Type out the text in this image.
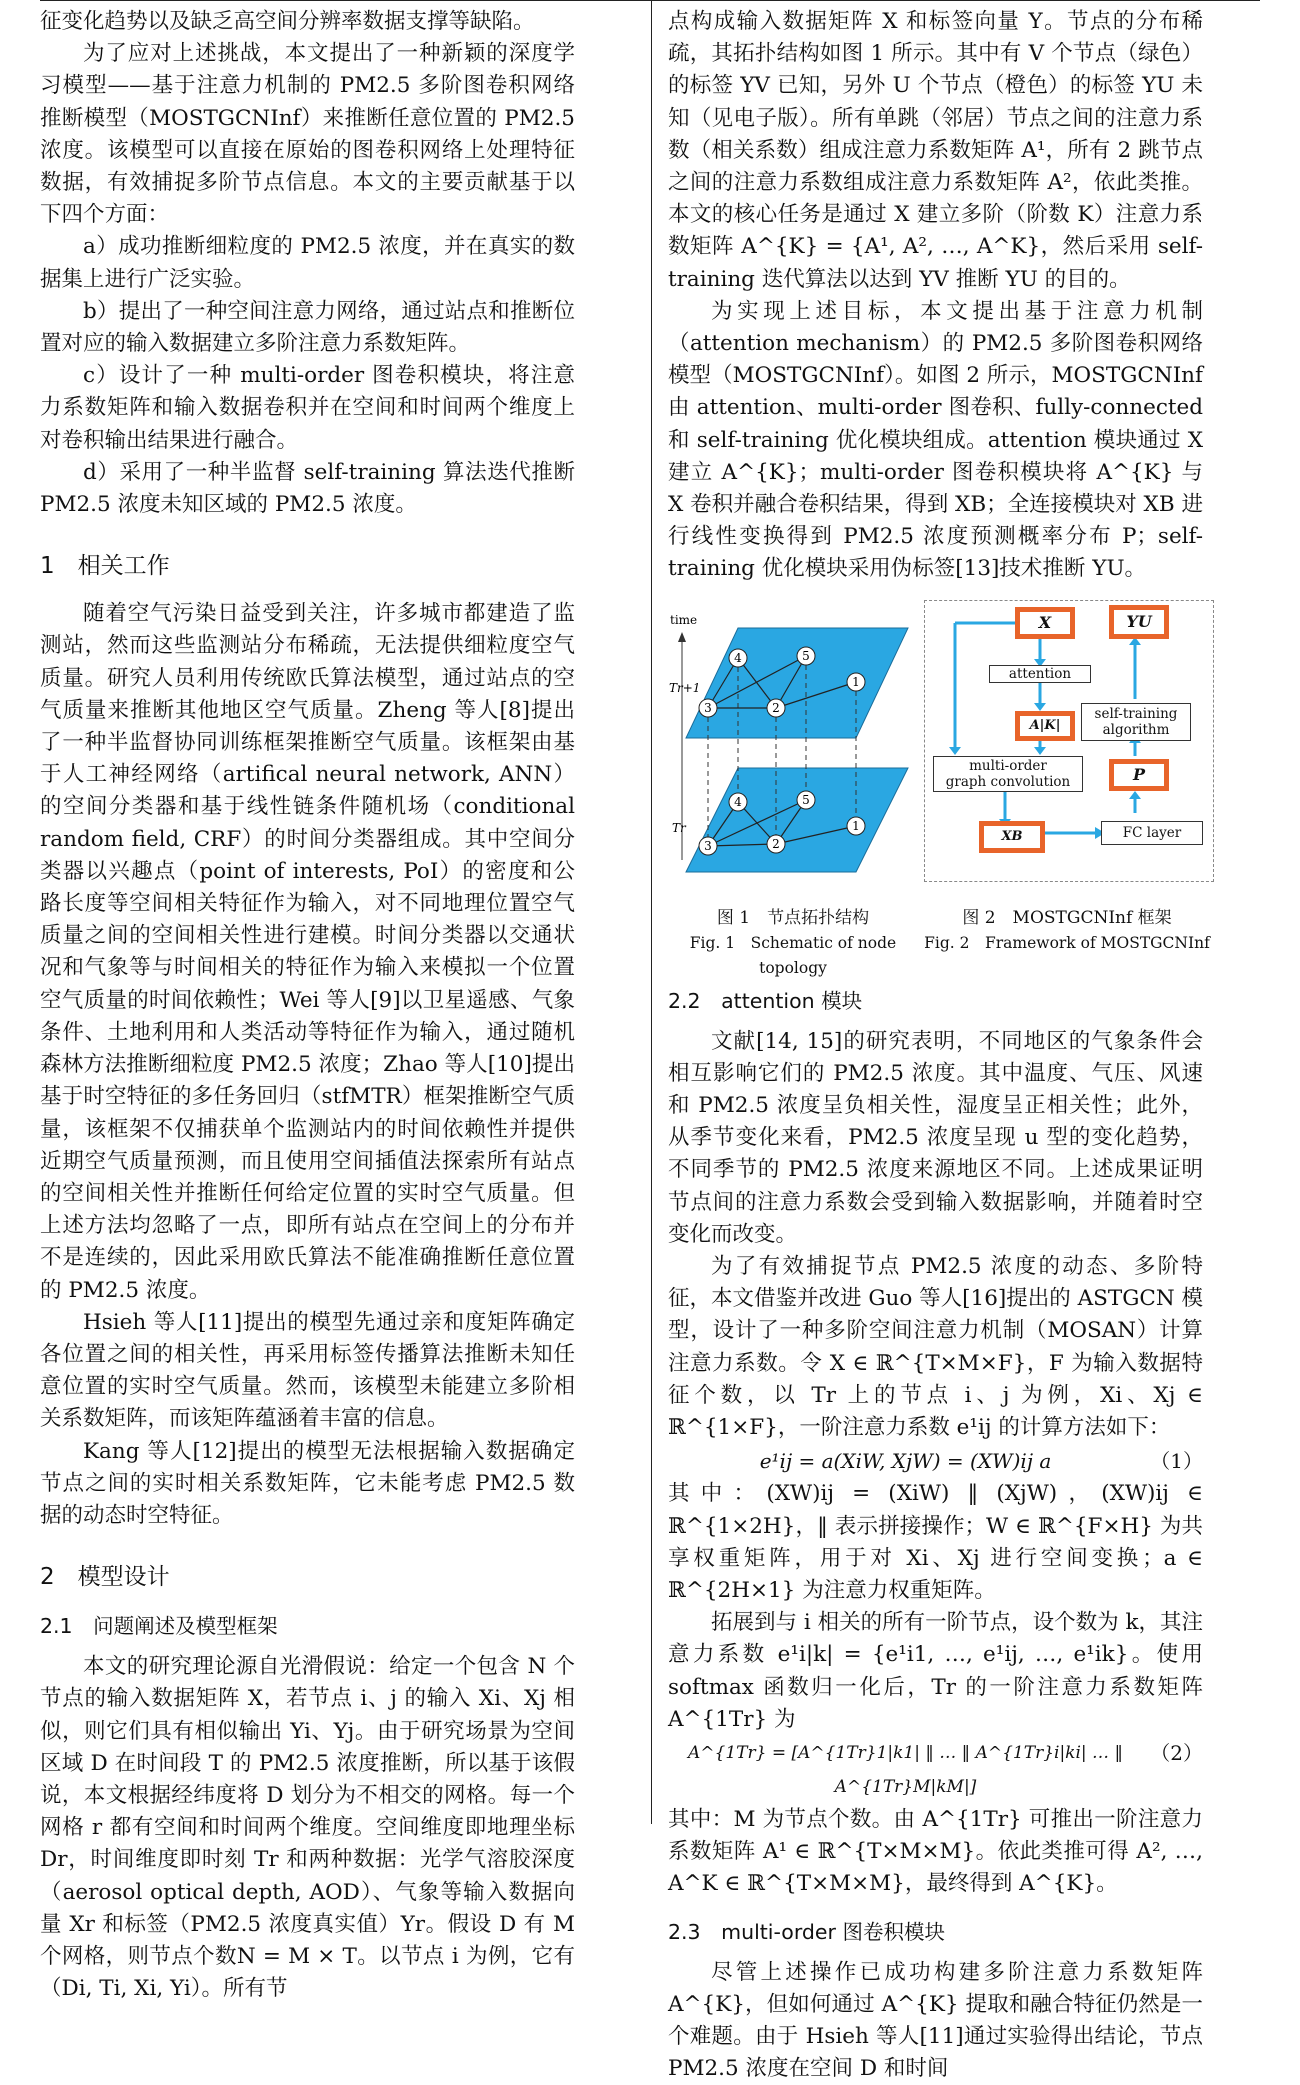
征变化趋势以及缺乏高空间分辨率数据支撑等缺陷。

为了应对上述挑战，本文提出了一种新颖的深度学习模型——基于注意力机制的 PM2.5 多阶图卷积网络推断模型（MOSTGCNInf）来推断任意位置的 PM2.5 浓度。该模型可以直接在原始的图卷积网络上处理特征数据，有效捕捉多阶节点信息。本文的主要贡献基于以下四个方面：

a）成功推断细粒度的 PM2.5 浓度，并在真实的数据集上进行广泛实验。

b）提出了一种空间注意力网络，通过站点和推断位置对应的输入数据建立多阶注意力系数矩阵。

c）设计了一种 multi-order 图卷积模块，将注意力系数矩阵和输入数据卷积并在空间和时间两个维度上对卷积输出结果进行融合。

d）采用了一种半监督 self-training 算法迭代推断 PM2.5 浓度未知区域的 PM2.5 浓度。

1　相关工作

随着空气污染日益受到关注，许多城市都建造了监测站，然而这些监测站分布稀疏，无法提供细粒度空气质量。研究人员利用传统欧氏算法模型，通过站点的空气质量来推断其他地区空气质量。Zheng 等人[8]提出了一种半监督协同训练框架推断空气质量。该框架由基于人工神经网络（artifical neural network, ANN）的空间分类器和基于线性链条件随机场（conditional random field, CRF）的时间分类器组成。其中空间分类器以兴趣点（point of interests, PoI）的密度和公路长度等空间相关特征作为输入，对不同地理位置空气质量之间的空间相关性进行建模。时间分类器以交通状况和气象等与时间相关的特征作为输入来模拟一个位置空气质量的时间依赖性；Wei 等人[9]以卫星遥感、气象条件、土地利用和人类活动等特征作为输入，通过随机森林方法推断细粒度 PM2.5 浓度；Zhao 等人[10]提出基于时空特征的多任务回归（stfMTR）框架推断空气质量，该框架不仅捕获单个监测站内的时间依赖性并提供近期空气质量预测，而且使用空间插值法探索所有站点的空间相关性并推断任何给定位置的实时空气质量。但上述方法均忽略了一点，即所有站点在空间上的分布并不是连续的，因此采用欧氏算法不能准确推断任意位置的 PM2.5 浓度。

Hsieh 等人[11]提出的模型先通过亲和度矩阵确定各位置之间的相关性，再采用标签传播算法推断未知任意位置的实时空气质量。然而，该模型未能建立多阶相关系数矩阵，而该矩阵蕴涵着丰富的信息。

Kang 等人[12]提出的模型无法根据输入数据确定节点之间的实时相关系数矩阵，它未能考虑 PM2.5 数据的动态时空特征。

2　模型设计
2.1　问题阐述及模型框架

本文的研究理论源自光滑假说：给定一个包含 N 个节点的输入数据矩阵 X，若节点 i、j 的输入 Xi、Xj 相似，则它们具有相似输出 Yi、Yj。由于研究场景为空间区域 D 在时间段 T 的 PM2.5 浓度推断，所以基于该假说，本文根据经纬度将 D 划分为不相交的网格。每一个网格 r 都有空间和时间两个维度。空间维度即地理坐标 Dr，时间维度即时刻 Tr 和两种数据：光学气溶胶深度（aerosol optical depth, AOD）、气象等输入数据向量 Xr 和标签（PM2.5 浓度真实值）Yr。假设 D 有 M 个网格，则节点个数N = M × T。以节点 i 为例，它有（Di, Ti, Xi, Yi）。所有节

点构成输入数据矩阵 X 和标签向量 Y。节点的分布稀疏，其拓扑结构如图 1 所示。其中有 V 个节点（绿色）的标签 YV 已知，另外 U 个节点（橙色）的标签 YU 未知（见电子版）。所有单跳（邻居）节点之间的注意力系数（相关系数）组成注意力系数矩阵 A¹，所有 2 跳节点之间的注意力系数组成注意力系数矩阵 A²，依此类推。本文的核心任务是通过 X 建立多阶（阶数 K）注意力系数矩阵 A^{K} = {A¹, A², …, A^K}，然后采用 self-training 迭代算法以达到 YV 推断 YU 的目的。

为实现上述目标，本文提出基于注意力机制（attention mechanism）的 PM2.5 多阶图卷积网络模型（MOSTGCNInf）。如图 2 所示，MOSTGCNInf 由 attention、multi-order 图卷积、fully-connected 和 self-training 优化模块组成。attention 模块通过 X 建立 A^{K}；multi-order 图卷积模块将 A^{K} 与 X 卷积并融合卷积结果，得到 XB；全连接模块对 XB 进行线性变换得到 PM2.5 浓度预测概率分布 P；self-training 优化模块采用伪标签[13]技术推断 YU。

time
Tr+1
Tr
4	5
1
3	2
4	5
1
3	2
X	YU
attention
A|K|
self-training
algorithm
multi-order
graph convolution	P
XB	FC layer
图 1　节点拓扑结构
Fig. 1　Schematic of node topology
图 2　MOSTGCNInf 框架
Fig. 2　Framework of MOSTGCNInf
2.2　attention 模块

文献[14, 15]的研究表明，不同地区的气象条件会相互影响它们的 PM2.5 浓度。其中温度、气压、风速和 PM2.5 浓度呈负相关性，湿度呈正相关性；此外，从季节变化来看，PM2.5 浓度呈现 u 型的变化趋势，不同季节的 PM2.5 浓度来源地区不同。上述成果证明节点间的注意力系数会受到输入数据影响，并随着时空变化而改变。

为了有效捕捉节点 PM2.5 浓度的动态、多阶特征，本文借鉴并改进 Guo 等人[16]提出的 ASTGCN 模型，设计了一种多阶空间注意力机制（MOSAN）计算注意力系数。令 X ∈ ℝ^{T×M×F}，F 为输入数据特征个数，以 Tr 上的节点 i、j 为例，Xi、Xj ∈ ℝ^{1×F}，一阶注意力系数 e¹ij 的计算方法如下：

e¹ij = a(XiW, XjW) = (XW)ij a	（1）

其中：(XW)ij = (XiW) ‖ (XjW)，(XW)ij ∈ ℝ^{1×2H}，‖ 表示拼接操作；W ∈ ℝ^{F×H} 为共享权重矩阵，用于对 Xi、Xj 进行空间变换；a ∈ ℝ^{2H×1} 为注意力权重矩阵。

拓展到与 i 相关的所有一阶节点，设个数为 k，其注意力系数 e¹i|k| = {e¹i1, …, e¹ij, …, e¹ik}。使用 softmax 函数归一化后，Tr 的一阶注意力系数矩阵 A^{1Tr} 为

A^{1Tr} = [A^{1Tr}1|k1| ‖ … ‖ A^{1Tr}i|ki| … ‖ A^{1Tr}M|kM|]
（2）

其中：M 为节点个数。由 A^{1Tr} 可推出一阶注意力系数矩阵 A¹ ∈ ℝ^{T×M×M}。依此类推可得 A², …, A^K ∈ ℝ^{T×M×M}，最终得到 A^{K}。

2.3　multi-order 图卷积模块

尽管上述操作已成功构建多阶注意力系数矩阵 A^{K}，但如何通过 A^{K} 提取和融合特征仍然是一个难题。由于 Hsieh 等人[11]通过实验得出结论，节点 PM2.5 浓度在空间 D 和时间
